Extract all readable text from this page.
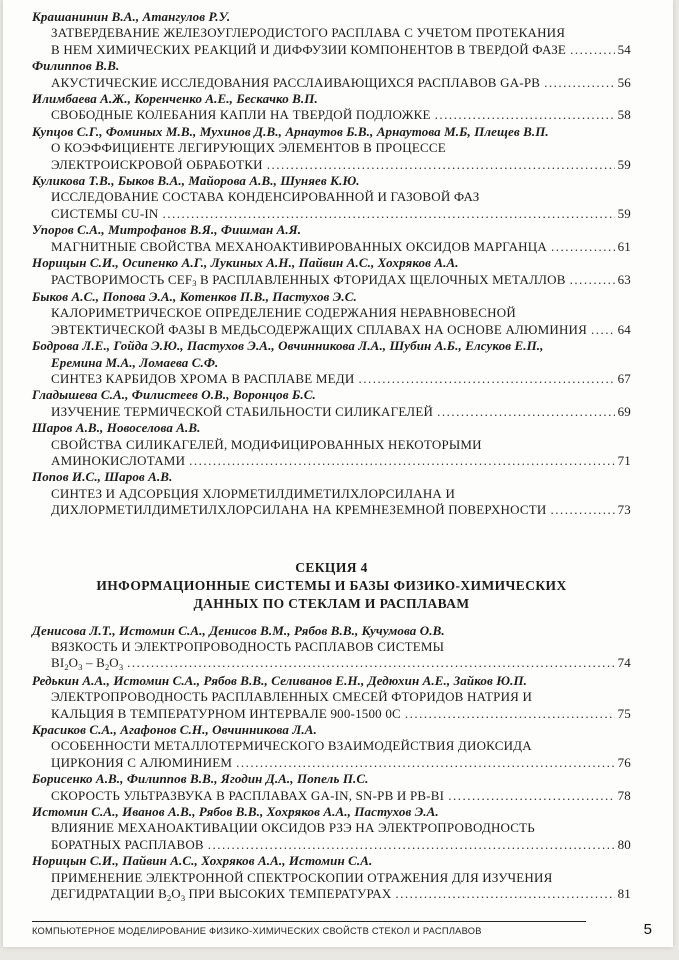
Крашанинин В.А., Атангулов Р.У.
ЗАТВЕРДЕВАНИЕ ЖЕЛЕЗОУГЛЕРОДИСТОГО РАСПЛАВА С УЧЕТОМ ПРОТЕКАНИЯ
В НЕМ ХИМИЧЕСКИХ РЕАКЦИЙ И ДИФФУЗИИ КОМПОНЕНТОВ В ТВЕРДОЙ ФАЗЕ .....	54
Филиппов В.В.
АКУСТИЧЕСКИЕ ИССЛЕДОВАНИЯ РАССЛАИВАЮЩИХСЯ РАСПЛАВОВ GA-PB .....	56
Илимбаева А.Ж., Коренченко А.Е., Бескачко В.П.
СВОБОДНЫЕ КОЛЕБАНИЯ КАПЛИ НА ТВЕРДОЙ ПОДЛОЖКЕ .....	58
Купцов С.Г., Фоминых М.В., Мухинов Д.В., Арнаутов Б.В., Арнаутова М.Б, Плещев В.П.
О КОЭФФИЦИЕНТЕ ЛЕГИРУЮЩИХ ЭЛЕМЕНТОВ В ПРОЦЕССЕ
ЭЛЕКТРОИСКРОВОЙ ОБРАБОТКИ .....	59
Куликова Т.В., Быков В.А., Майорова А.В., Шуняев К.Ю.
ИССЛЕДОВАНИЕ СОСТАВА КОНДЕНСИРОВАННОЙ И ГАЗОВОЙ ФАЗ
СИСТЕМЫ CU-IN .....	59
Упоров С.А., Митрофанов В.Я., Фишман А.Я.
МАГНИТНЫЕ СВОЙСТВА МЕХАНОАКТИВИРОВАННЫХ ОКСИДОВ МАРГАНЦА .....	61
Норицын С.И., Осипенко А.Г., Лукиных А.Н., Пайвин А.С., Хохряков А.А.
РАСТВОРИМОСТЬ CEF3 В РАСПЛАВЛЕННЫХ ФТОРИДАХ ЩЕЛОЧНЫХ МЕТАЛЛОВ .....	63
Быков А.С., Попова Э.А., Котенков П.В., Пастухов Э.С.
КАЛОРИМЕТРИЧЕСКОЕ ОПРЕДЕЛЕНИЕ СОДЕРЖАНИЯ НЕРАВНОВЕСНОЙ
ЭВТЕКТИЧЕСКОЙ ФАЗЫ В МЕДЬСОДЕРЖАЩИХ СПЛАВАХ НА ОСНОВЕ АЛЮМИНИЯ ..... 64
Бодрова Л.Е., Гойда Э.Ю., Пастухов Э.А., Овчинникова Л.А., Шубин А.Б., Елсуков Е.П.,
Еремина М.А., Ломаева С.Ф.
СИНТЕЗ КАРБИДОВ ХРОМА В РАСПЛАВЕ МЕДИ .....	67
Гладышева С.А., Филистеев О.В., Воронцов Б.С.
ИЗУЧЕНИЕ ТЕРМИЧЕСКОЙ СТАБИЛЬНОСТИ СИЛИКАГЕЛЕЙ .....	69
Шаров А.В., Новоселова А.В.
СВОЙСТВА СИЛИКАГЕЛЕЙ, МОДИФИЦИРОВАННЫХ НЕКОТОРЫМИ
АМИНОКИСЛОТАМИ .....	71
Попов И.С., Шаров А.В.
СИНТЕЗ И АДСОРБЦИЯ ХЛОРМЕТИЛДИМЕТИЛХЛОРСИЛАНА И
ДИХЛОРМЕТИЛДИМЕТИЛХЛОРСИЛАНА НА КРЕМНЕЗЕМНОЙ ПОВЕРХНОСТИ .....	73
СЕКЦИЯ 4
ИНФОРМАЦИОННЫЕ СИСТЕМЫ И БАЗЫ ФИЗИКО-ХИМИЧЕСКИХ
ДАННЫХ ПО СТЕКЛАМ И РАСПЛАВАМ
Денисова Л.Т., Истомин С.А., Денисов В.М., Рябов В.В., Кучумова О.В.
ВЯЗКОСТЬ И ЭЛЕКТРОПРОВОДНОСТЬ РАСПЛАВОВ СИСТЕМЫ
BI2O3 – B2O3 .....	74
Редькин А.А., Истомин С.А., Рябов В.В., Селиванов Е.Н., Дедюхин А.Е., Зайков Ю.П.
ЭЛЕКТРОПРОВОДНОСТЬ РАСПЛАВЛЕННЫХ СМЕСЕЙ ФТОРИДОВ НАТРИЯ И
КАЛЬЦИЯ В ТЕМПЕРАТУРНОМ ИНТЕРВАЛЕ 900-1500 0С .....	75
Красиков С.А., Агафонов С.Н., Овчинникова Л.А.
ОСОБЕННОСТИ МЕТАЛЛОТЕРМИЧЕСКОГО ВЗАИМОДЕЙСТВИЯ ДИОКСИДА
ЦИРКОНИЯ С АЛЮМИНИЕМ .....	76
Борисенко А.В., Филиппов В.В., Ягодин Д.А., Попель П.С.
СКОРОСТЬ УЛЬТРАЗВУКА В РАСПЛАВАХ GA-IN, SN-PB И PB-BI .....	78
Истомин С.А., Иванов А.В., Рябов В.В., Хохряков А.А., Пастухов Э.А.
ВЛИЯНИЕ МЕХАНОАКТИВАЦИИ ОКСИДОВ РЗЭ НА ЭЛЕКТРОПРОВОДНОСТЬ
БОРАТНЫХ РАСПЛАВОВ .....	80
Норицын С.И., Пайвин А.С., Хохряков А.А., Истомин С.А.
ПРИМЕНЕНИЕ ЭЛЕКТРОННОЙ СПЕКТРОСКОПИИ ОТРАЖЕНИЯ ДЛЯ ИЗУЧЕНИЯ
ДЕГИДРАТАЦИИ B2O3 ПРИ ВЫСОКИХ ТЕМПЕРАТУРАХ .....	81
КОМПЬЮТЕРНОЕ МОДЕЛИРОВАНИЕ ФИЗИКО-ХИМИЧЕСКИХ СВОЙСТВ СТЕКОЛ И РАСПЛАВОВ	5
